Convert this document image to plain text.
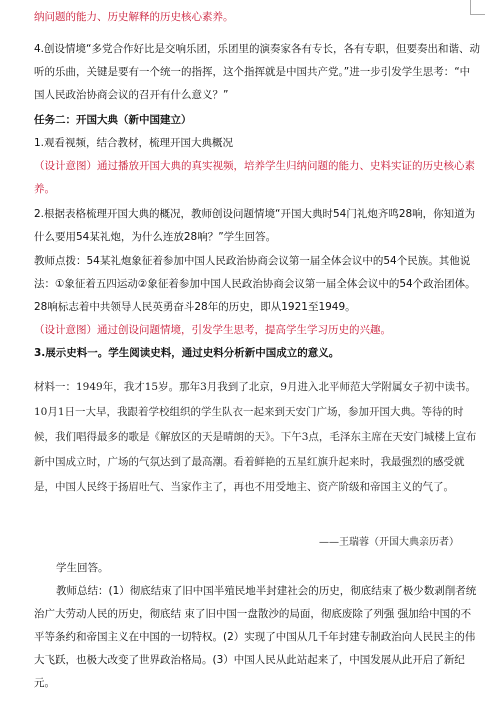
纳问题的能力、历史解释的历史核心素养。
4.创设情境“多党合作好比是交响乐团，乐团里的演奏家各有专长，各有专职，但要奏出和谐、动听的乐曲，关键是要有一个统一的指挥，这个指挥就是中国共产党。”进一步引发学生思考：“中国人民政治协商会议的召开有什么意义？”
任务二：开国大典（新中国建立）
1.观看视频，结合教材，梳理开国大典概况
（设计意图）通过播放开国大典的真实视频，培养学生归纳问题的能力、史料实证的历史核心素养。
2.根据表格梳理开国大典的概况，教师创设问题情境“开国大典时54门礼炮齐鸣28响，你知道为什么要用54某礼炮，为什么连放28响？”学生回答。
教师点拨：54某礼炮象征着参加中国人民政治协商会议第一届全体会议中的54个民族。其他说法：①象征着五四运动②象征着参加中国人民政治协商会议第一届全体会议中的54个政治团体。28响标志着中共领导人民英勇奋斗28年的历史，即从1921至1949。
（设计意图）通过创设问题情境，引发学生思考，提高学生学习历史的兴趣。
3.展示史料一。学生阅读史料，通过史料分析新中国成立的意义。
材料一：1949年，我才15岁。那年3月我到了北京，9月进入北平师范大学附属女子初中读书。10月1日一大早，我跟着学校组织的学生队衣一起来到天安门广场，参加开国大典。等待的时候，我们唱得最多的歌是《解放区的天是晴朗的天》。下午3点，毛泽东主席在天安门城楼上宣布新中国成立时，广场的气氛达到了最高潮。看着鲜艳的五星红旗升起来时，我最强烈的感受就是，中国人民终于扬眉吐气、当家作主了，再也不用受地主、资产阶级和帝国主义的气了。
——王瑞蓉（开国大典亲历者）
学生回答。
教师总结：(1）彻底结束了旧中国半殖民地半封建社会的历史，彻底结束了极少数剥削者统治广大劳动人民的历史，彻底结 束了旧中国一盘散沙的局面，彻底废除了列强 强加给中国的不平等条约和帝国主义在中国的一切特权。(2）实现了中国从几千年封建专制政治向人民民主的伟大飞跃，也极大改变了世界政治格局。(3）中国人民从此站起来了，中国发展从此开启了新纪元。
